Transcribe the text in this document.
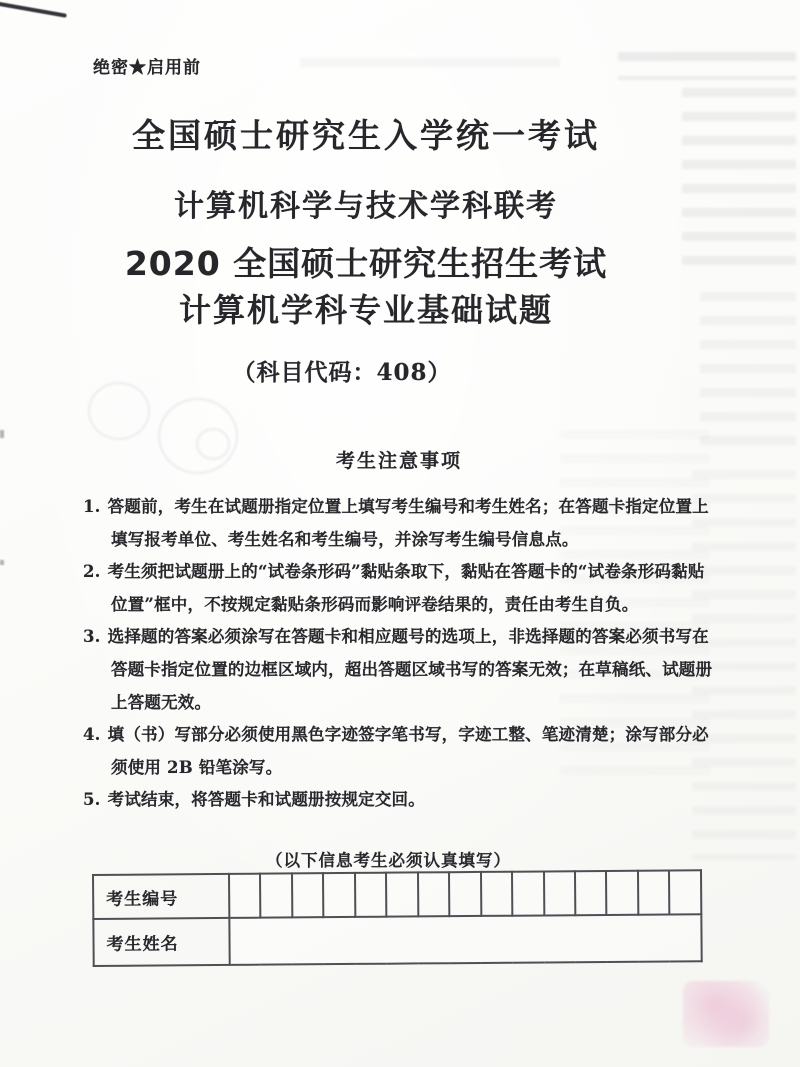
绝密★启用前
全国硕士研究生入学统一考试
计算机科学与技术学科联考
2020 全国硕士研究生招生考试
计算机学科专业基础试题
（科目代码：408）
考生注意事项
1. 答题前，考生在试题册指定位置上填写考生编号和考生姓名；在答题卡指定位置上填写报考单位、考生姓名和考生编号，并涂写考生编号信息点。
2. 考生须把试题册上的“试卷条形码”黏贴条取下，黏贴在答题卡的“试卷条形码黏贴位置”框中，不按规定黏贴条形码而影响评卷结果的，责任由考生自负。
3. 选择题的答案必须涂写在答题卡和相应题号的选项上，非选择题的答案必须书写在答题卡指定位置的边框区域内，超出答题区域书写的答案无效；在草稿纸、试题册上答题无效。
4. 填（书）写部分必须使用黑色字迹签字笔书写，字迹工整、笔迹清楚；涂写部分必须使用 2B 铅笔涂写。
5. 考试结束，将答题卡和试题册按规定交回。
（以下信息考生必须认真填写）
考生编号															
考生姓名															
